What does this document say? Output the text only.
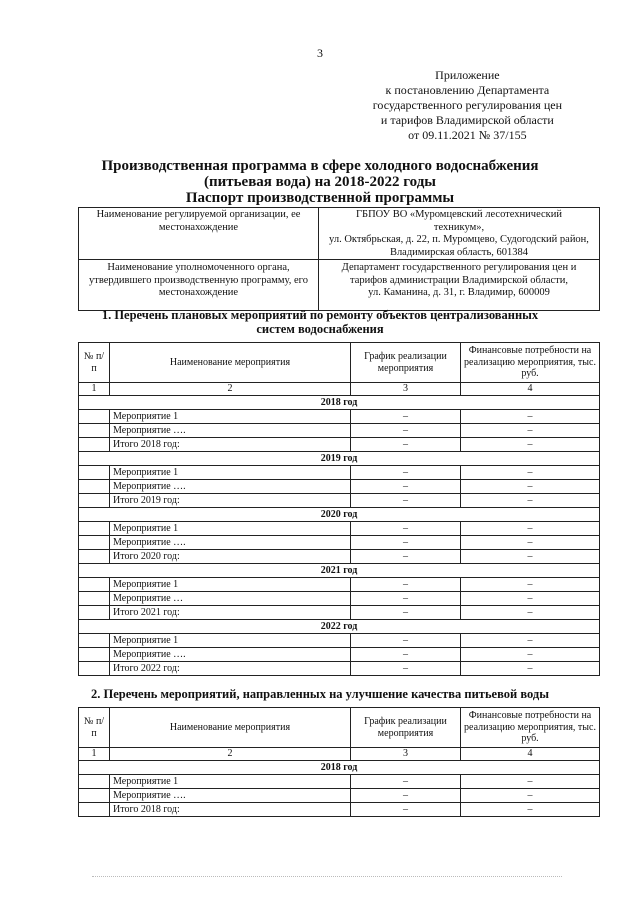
3
Приложение
к постановлению Департамента
государственного регулирования цен
и тарифов Владимирской области
от 09.11.2021 № 37/155
Производственная программа в сфере холодного водоснабжения
(питьевая вода) на 2018-2022 годы
Паспорт производственной программы
Наименование регулируемой организации, ее местонахождение	ГБПОУ ВО «Муромцевский лесотехнический техникум»,
ул. Октябрьская, д. 22, п. Муромцево, Судогодский район, Владимирская область, 601384

Наименование уполномоченного органа, утвердившего производственную программу, его местонахождение	Департамент государственного регулирования цен и тарифов администрации Владимирской области,
ул. Каманина, д. 31, г. Владимир, 600009
1. Перечень плановых мероприятий по ремонту объектов централизованных
систем водоснабжения
№ п/п	Наименование мероприятия	График реализации мероприятия	Финансовые потребности на реализацию мероприятия, тыс. руб.
1	2	3	4
2018 год			
	Мероприятие 1	–	–
	Мероприятие ….	–	–
	Итого 2018 год:	–	–
2019 год			
	Мероприятие 1	–	–
	Мероприятие ….	–	–
	Итого 2019 год:	–	–
2020 год			
	Мероприятие 1	–	–
	Мероприятие ….	–	–
	Итого 2020 год:	–	–
2021 год			
	Мероприятие 1	–	–
	Мероприятие …	–	–
	Итого 2021 год:	–	–
2022 год			
	Мероприятие 1	–	–
	Мероприятие ….	–	–
	Итого 2022 год:	–	–
2. Перечень мероприятий, направленных на улучшение качества питьевой воды
№ п/п	Наименование мероприятия	График реализации мероприятия	Финансовые потребности на реализацию мероприятия, тыс. руб.
1	2	3	4
2018 год			
	Мероприятие 1	–	–
	Мероприятие ….	–	–
	Итого 2018 год:	–	–
